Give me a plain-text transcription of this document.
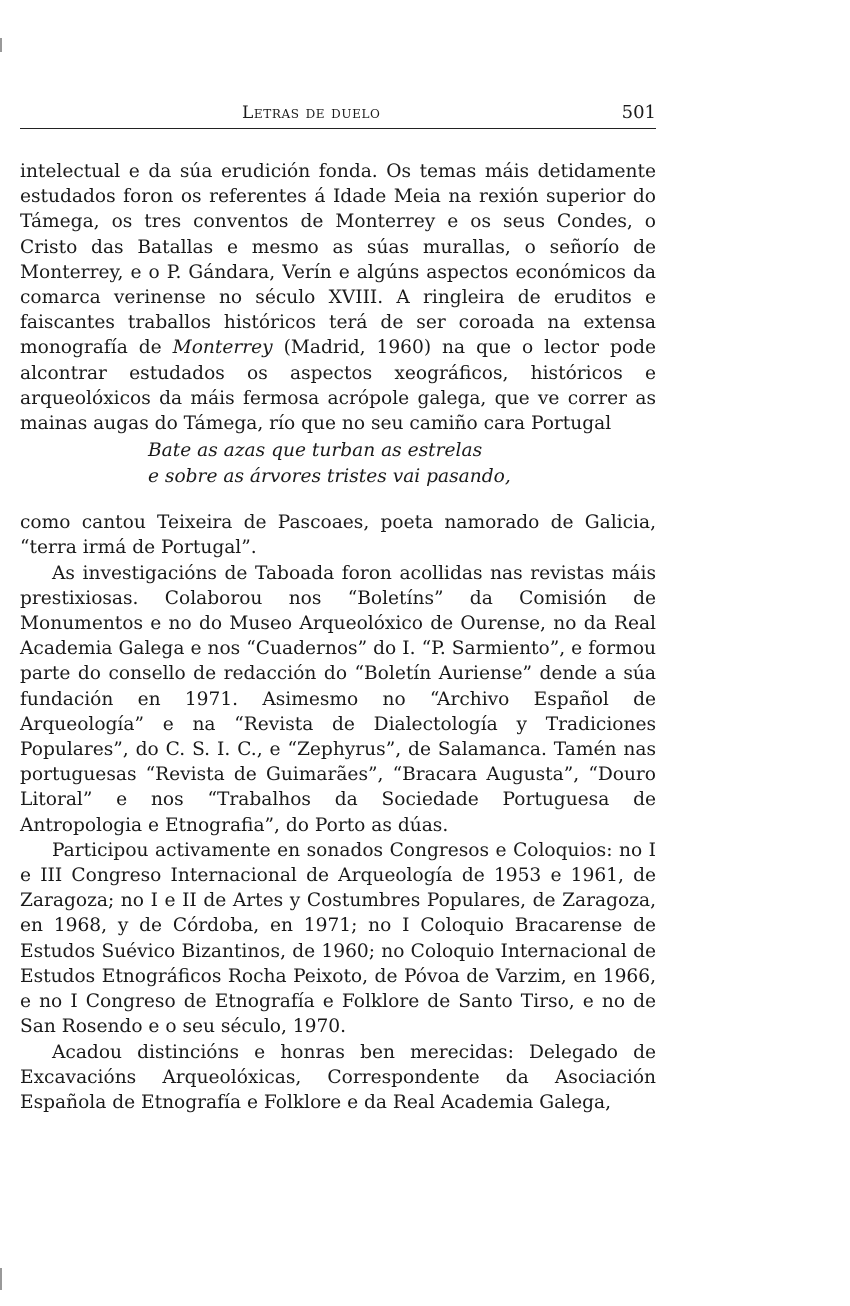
Letras de duelo	501

intelectual e da súa erudición fonda. Os temas máis detidamente estudados foron os referentes á Idade Meia na rexión superior do Támega, os tres conventos de Monterrey e os seus Condes, o Cristo das Batallas e mesmo as súas murallas, o señorío de Monterrey, e o P. Gándara, Verín e algúns aspectos económicos da comarca verinense no século XVIII. A ringleira de eruditos e faiscantes traballos históricos terá de ser coroada na extensa monografía de Monterrey (Madrid, 1960) na que o lector pode alcontrar estudados os aspectos xeográficos, históricos e arqueolóxicos da máis fermosa acrópole galega, que ve correr as mainas augas do Támega, río que no seu camiño cara Portugal

Bate as azas que turban as estrelas
e sobre as árvores tristes vai pasando,

como cantou Teixeira de Pascoaes, poeta namorado de Galicia, “terra irmá de Portugal”.

As investigacións de Taboada foron acollidas nas revistas máis prestixiosas. Colaborou nos “Boletíns” da Comisión de Monumentos e no do Museo Arqueolóxico de Ourense, no da Real Academia Galega e nos “Cuadernos” do I. “P. Sarmiento”, e formou parte do consello de redacción do “Boletín Auriense” dende a súa fundación en 1971. Asimesmo no “Archivo Español de Arqueología” e na “Revista de Dialectología y Tradiciones Populares”, do C. S. I. C., e “Zephyrus”, de Salamanca. Tamén nas portuguesas “Revista de Guimarães”, “Bracara Augusta”, “Douro Litoral” e nos “Trabalhos da Sociedade Portuguesa de Antropologia e Etnografia”, do Porto as dúas.

Participou activamente en sonados Congresos e Coloquios: no I e III Congreso Internacional de Arqueología de 1953 e 1961, de Zaragoza; no I e II de Artes y Costumbres Populares, de Zaragoza, en 1968, y de Córdoba, en 1971; no I Coloquio Bracarense de Estudos Suévico Bizantinos, de 1960; no Coloquio Internacional de Estudos Etnográficos Rocha Peixoto, de Póvoa de Varzim, en 1966, e no I Congreso de Etnografía e Folklore de Santo Tirso, e no de San Rosendo e o seu século, 1970.

Acadou distincións e honras ben merecidas: Delegado de Excavacións Arqueolóxicas, Correspondente da Asociación Española de Etnografía e Folklore e da Real Academia Galega,
